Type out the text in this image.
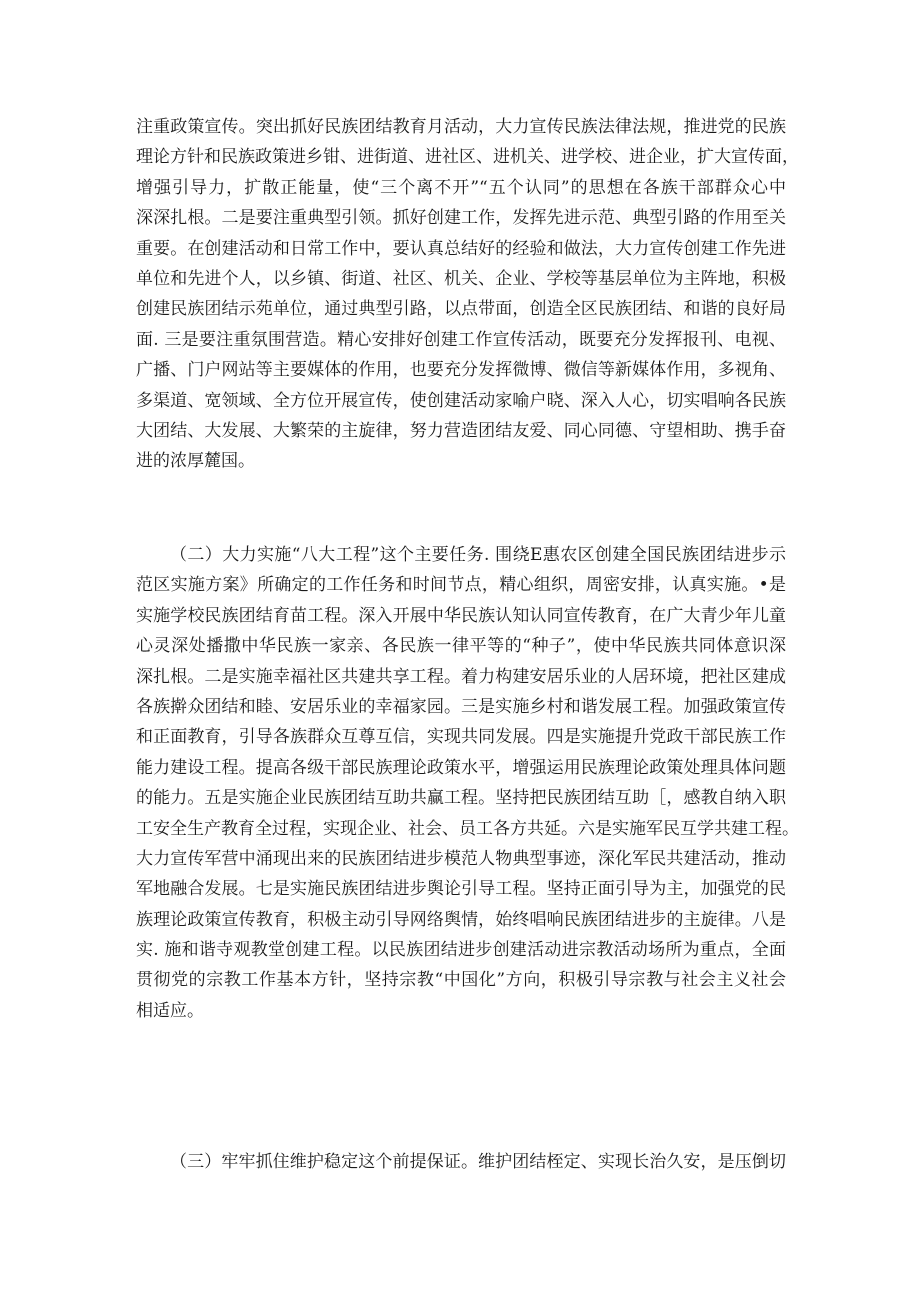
注重政策宣传。突出抓好民族团结教育月活动，大力宣传民族法律法规，推进党的民族
理论方针和民族政策进乡钳、进街道、进社区、进机关、进学校、进企业，扩大宣传面，
增强引导力，扩散正能量，使“三个离不开”“五个认同”的思想在各族干部群众心中
深深扎根。二是要注重典型引领。抓好创建工作，发挥先进示范、典型引路的作用至关
重要。在创建活动和日常工作中，要认真总结好的经验和做法，大力宣传创建工作先进
单位和先进个人，以乡镇、街道、社区、机关、企业、学校等基层单位为主阵地，积极
创建民族团结示苑单位，通过典型引路，以点带面，创造全区民族团结、和谐的良好局
面. 三是要注重氛围营造。精心安排好创建工作宣传活动，既要充分发挥报刊、电视、
广播、门户网站等主要媒体的作用，也要充分发挥微博、微信等新媒体作用，多视角、
多渠道、宽领域、全方位开展宣传，使创建活动家喻户晓、深入人心，切实唱响各民族
大团结、大发展、大繁荣的主旋律，努力营造团结友爱、同心同德、守望相助、携手奋
进的浓厚麓国。
（二）大力实施“八大工程”这个主要任务. 围绕E惠农区创建全国民族团结进步示
范区实施方案》所确定的工作任务和时间节点，精心组织，周密安排，认真实施。•是
实施学校民族团结育苗工程。深入开展中华民族认知认同宣传教育，在广大青少年儿童
心灵深处播撒中华民族一家亲、各民族一律平等的“种子”，使中华民族共同体意识深
深扎根。二是实施幸福社区共建共享工程。着力构建安居乐业的人居环境，把社区建成
各族擀众团结和睦、安居乐业的幸福家园。三是实施乡村和谐发展工程。加强政策宣传
和正面教育，引导各族群众互尊互信，实现共同发展。四是实施提升党政干部民族工作
能力建设工程。提高各级干部民族理论政策水平，增强运用民族理论政策处理具体问题
的能力。五是实施企业民族团结互助共赢工程。坚持把民族团结互助［，感教自纳入职
工安全生产教育全过程，实现企业、社会、员工各方共延。六是实施军民互学共建工程。
大力宣传军营中涌现出来的民族团结进步模范人物典型事迹，深化军民共建活动，推动
军地融合发展。七是实施民族团结进步舆论引导工程。坚持正面引导为主，加强党的民
族理论政策宣传教育，积极主动引导网络舆情，始终唱响民族团结进步的主旋律。八是
实. 施和谐寺观教堂创建工程。以民族团结进步创建活动进宗教活动场所为重点，全面
贯彻党的宗教工作基本方针，坚持宗教“中国化”方向，积极引导宗教与社会主义社会
相适应。
（三）牢牢抓住维护稳定这个前提保证。维护团结桎定、实现长治久安，是压倒切
